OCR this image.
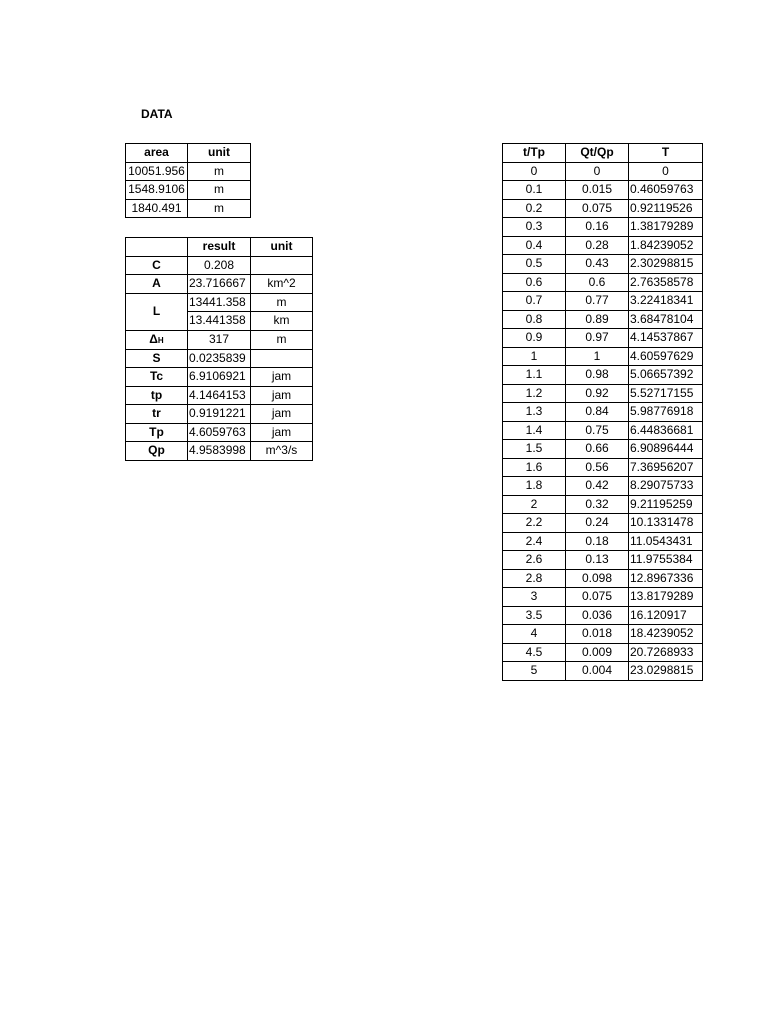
DATA
area	unit
10051.956	m
1548.9106	m
1840.491	m
	result	unit
C	0.208	
A	23.716667	km^2
L	13441.358	m
	13.441358	km
ΔH	317	m
S	0.0235839	
Tc	6.9106921	jam
tp	4.1464153	jam
tr	0.9191221	jam
Tp	4.6059763	jam
Qp	4.9583998	m^3/s
t/Tp	Qt/Qp	T
0	0	0
0.1	0.015	0.46059763
0.2	0.075	0.92119526
0.3	0.16	1.38179289
0.4	0.28	1.84239052
0.5	0.43	2.30298815
0.6	0.6	2.76358578
0.7	0.77	3.22418341
0.8	0.89	3.68478104
0.9	0.97	4.14537867
1	1	4.60597629
1.1	0.98	5.06657392
1.2	0.92	5.52717155
1.3	0.84	5.98776918
1.4	0.75	6.44836681
1.5	0.66	6.90896444
1.6	0.56	7.36956207
1.8	0.42	8.29075733
2	0.32	9.21195259
2.2	0.24	10.1331478
2.4	0.18	11.0543431
2.6	0.13	11.9755384
2.8	0.098	12.8967336
3	0.075	13.8179289
3.5	0.036	16.120917
4	0.018	18.4239052
4.5	0.009	20.7268933
5	0.004	23.0298815
